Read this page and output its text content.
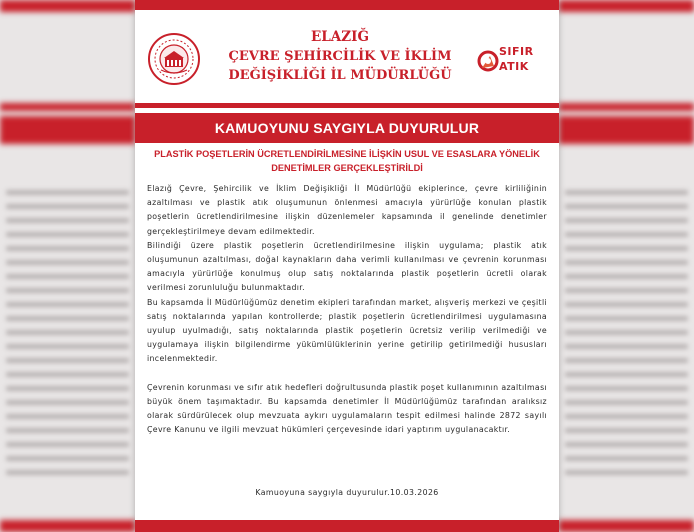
ELAZIĞ
ÇEVRE ŞEHİRCİLİK VE İKLİM
DEĞİŞİKLİĞİ İL MÜDÜRLÜĞÜ
SIFIR
ATIK
KAMUOYUNU SAYGIYLA DUYURULUR
PLASTİK POŞETLERİN ÜCRETLENDİRİLMESİNE İLİŞKİN USUL VE ESASLARA YÖNELİK DENETİMLER GERÇEKLEŞTİRİLDİ

Elazığ Çevre, Şehircilik ve İklim Değişikliği İl Müdürlüğü ekiplerince, çevre kirliliğinin azaltılması ve plastik atık oluşumunun önlenmesi amacıyla yürürlüğe konulan plastik poşetlerin ücretlendirilmesine ilişkin düzenlemeler kapsamında il genelinde denetimler gerçekleştirilmeye devam edilmektedir.

Bilindiği üzere plastik poşetlerin ücretlendirilmesine ilişkin uygulama; plastik atık oluşumunun azaltılması, doğal kaynakların daha verimli kullanılması ve çevrenin korunması amacıyla yürürlüğe konulmuş olup satış noktalarında plastik poşetlerin ücretli olarak verilmesi zorunluluğu bulunmaktadır.

Bu kapsamda İl Müdürlüğümüz denetim ekipleri tarafından market, alışveriş merkezi ve çeşitli satış noktalarında yapılan kontrollerde; plastik poşetlerin ücretlendirilmesi uygulamasına uyulup uyulmadığı, satış noktalarında plastik poşetlerin ücretsiz verilip verilmediği ve uygulamaya ilişkin bilgilendirme yükümlülüklerinin yerine getirilip getirilmediği hususları incelenmektedir.

Çevrenin korunması ve sıfır atık hedefleri doğrultusunda plastik poşet kullanımının azaltılması büyük önem taşımaktadır. Bu kapsamda denetimler İl Müdürlüğümüz tarafından aralıksız olarak sürdürülecek olup mevzuata aykırı uygulamaların tespit edilmesi halinde 2872 sayılı Çevre Kanunu ve ilgili mevzuat hükümleri çerçevesinde idari yaptırım uygulanacaktır.

Kamuoyuna saygıyla duyurulur.10.03.2026
